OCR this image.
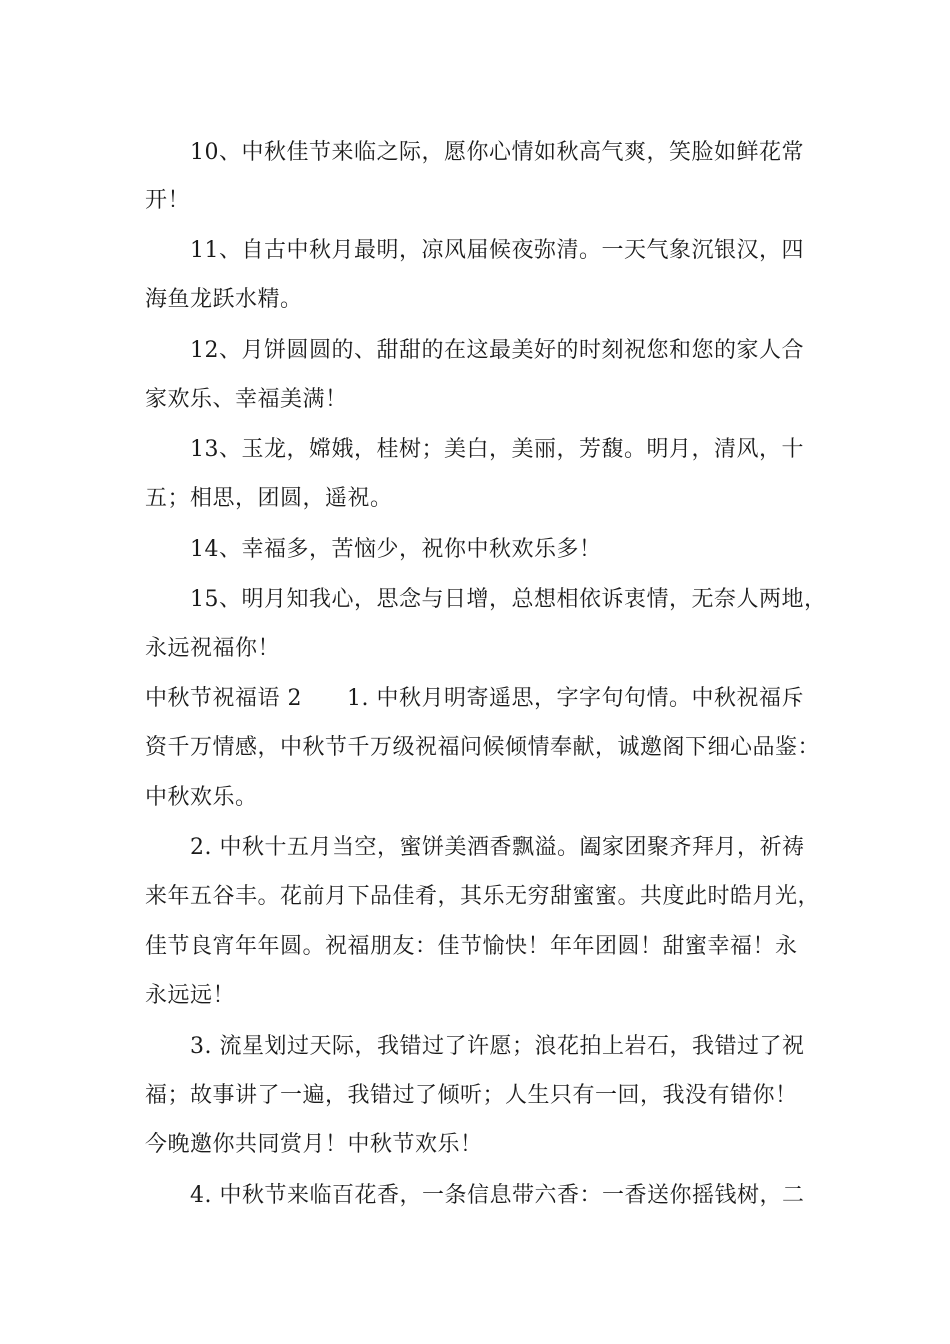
10、中秋佳节来临之际，愿你心情如秋高气爽，笑脸如鲜花常
开！
11、自古中秋月最明，凉风届候夜弥清。一天气象沉银汉，四
海鱼龙跃水精。
12、月饼圆圆的、甜甜的在这最美好的时刻祝您和您的家人合
家欢乐、幸福美满！
13、玉龙，嫦娥，桂树；美白，美丽，芳馥。明月，清风，十
五；相思，团圆，遥祝。
14、幸福多，苦恼少，祝你中秋欢乐多！
15、明月知我心，思念与日增，总想相依诉衷情，无奈人两地，
永远祝福你！
中秋节祝福语 2　　1. 中秋月明寄遥思，字字句句情。中秋祝福斥
资千万情感，中秋节千万级祝福问候倾情奉献，诚邀阁下细心品鉴：
中秋欢乐。
2. 中秋十五月当空，蜜饼美酒香飘溢。阖家团聚齐拜月，祈祷
来年五谷丰。花前月下品佳肴，其乐无穷甜蜜蜜。共度此时皓月光，
佳节良宵年年圆。祝福朋友：佳节愉快！年年团圆！甜蜜幸福！永
永远远！
3. 流星划过天际，我错过了许愿；浪花拍上岩石，我错过了祝
福；故事讲了一遍，我错过了倾听；人生只有一回，我没有错你！
今晚邀你共同赏月！中秋节欢乐！
4. 中秋节来临百花香，一条信息带六香：一香送你摇钱树，二
